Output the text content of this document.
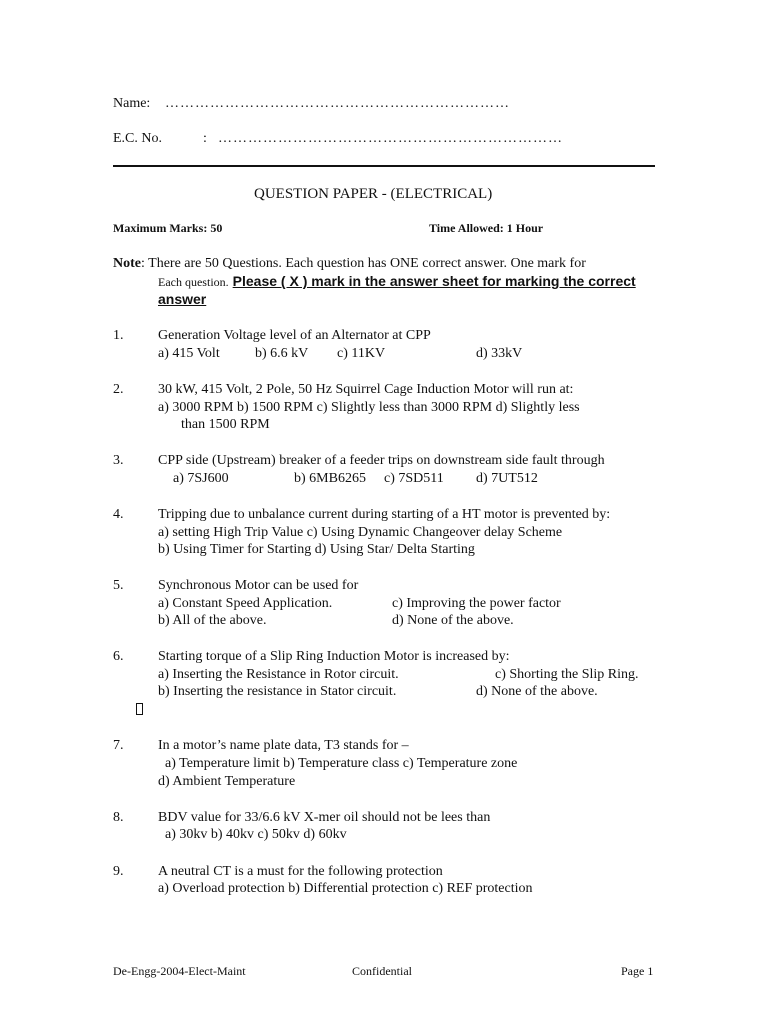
Name: ……………………………………………………………
E.C. No.	: ……………………………………………………………
QUESTION PAPER - (ELECTRICAL)
Maximum Marks: 50	Time Allowed: 1 Hour
Note: There are 50 Questions. Each question has ONE correct answer. One mark for
Each question. Please ( X ) mark in the answer sheet for marking the correct
answer
1. Generation Voltage level of an Alternator at CPP
a) 415 Volt	b) 6.6 kV c) 11KV	d) 33kV
2. 30 kW, 415 Volt, 2 Pole, 50 Hz Squirrel Cage Induction Motor will run at:
a) 3000 RPM b) 1500 RPM c) Slightly less than 3000 RPM d) Slightly less
than 1500 RPM
3. CPP side (Upstream) breaker of a feeder trips on downstream side fault through
a) 7SJ600	b) 6MB6265 c) 7SD511 d) 7UT512
4. Tripping due to unbalance current during starting of a HT motor is prevented by:
a) setting High Trip Value c) Using Dynamic Changeover delay Scheme
b) Using Timer for Starting d) Using Star/ Delta Starting
5. Synchronous Motor can be used for
a) Constant Speed Application.	c) Improving the power factor
b) All of the above.	d) None of the above.
6. Starting torque of a Slip Ring Induction Motor is increased by:
a) Inserting the Resistance in Rotor circuit.	c) Shorting the Slip Ring.
b) Inserting the resistance in Stator circuit.	d) None of the above.
7. In a motor’s name plate data, T3 stands for –
a) Temperature limit b) Temperature class c) Temperature zone
d) Ambient Temperature
8. BDV value for 33/6.6 kV X-mer oil should not be lees than
a) 30kv b) 40kv c) 50kv d) 60kv
9. A neutral CT is a must for the following protection
a) Overload protection b) Differential protection c) REF protection
De-Engg-2004-Elect-Maint	Confidential	Page 1
